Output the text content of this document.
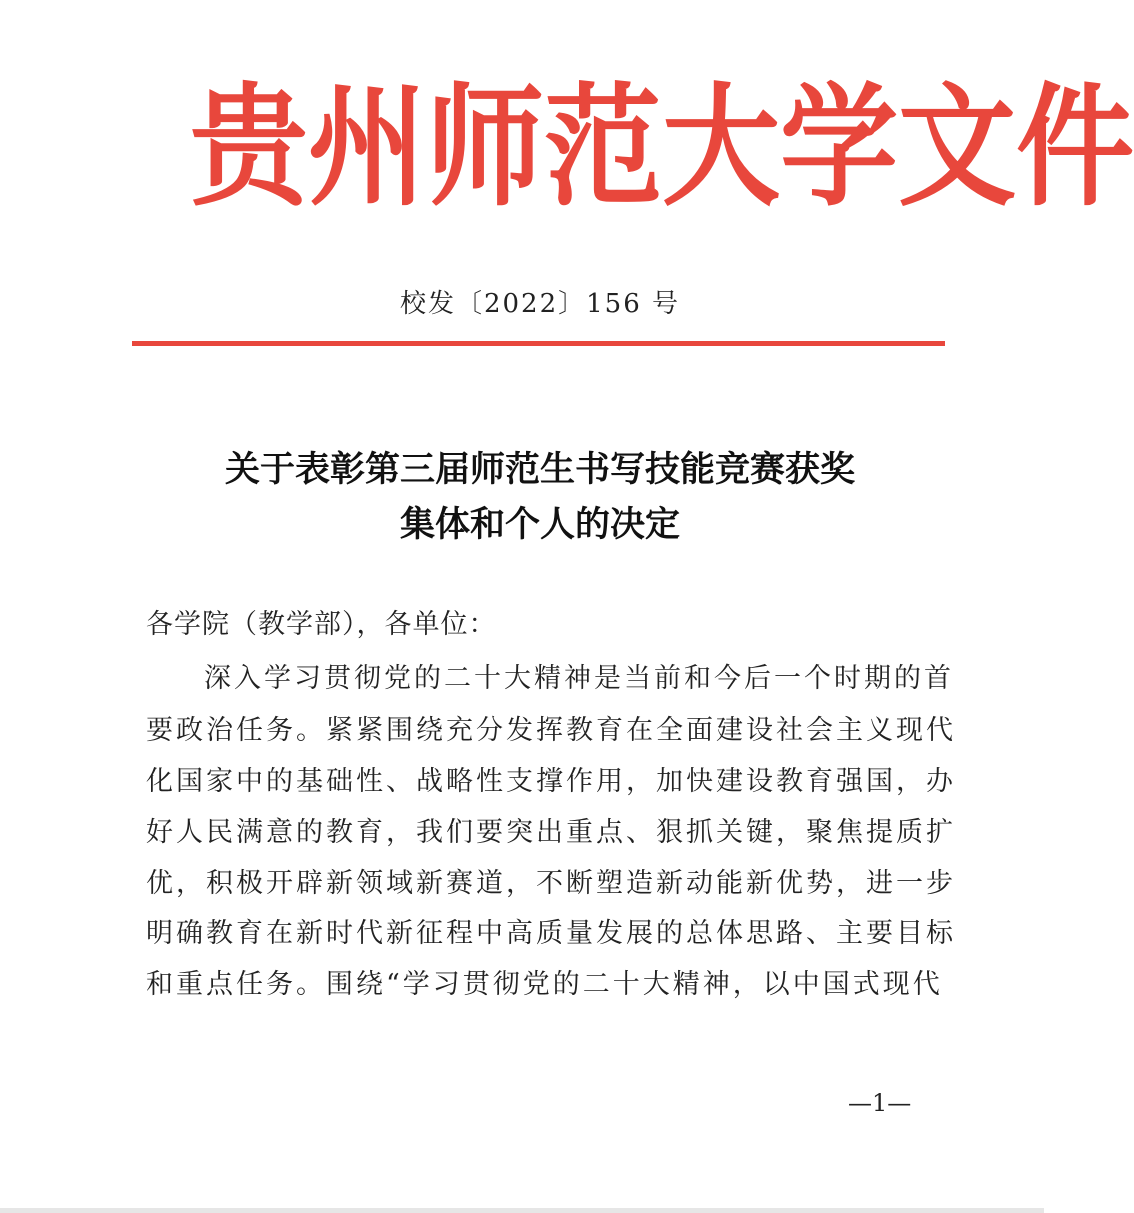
贵 州 师 范 大 学 文 件
校发〔2022〕156 号
关于表彰第三届师范生书写技能竞赛获奖
集体和个人的决定
各学院（教学部），各单位：
深入学习贯彻党的二十大精神是当前和今后一个时期的首
要政治任务。紧紧围绕充分发挥教育在全面建设社会主义现代
化国家中的基础性、战略性支撑作用，加快建设教育强国，办
好人民满意的教育，我们要突出重点、狠抓关键，聚焦提质扩
优，积极开辟新领域新赛道，不断塑造新动能新优势，进一步
明确教育在新时代新征程中高质量发展的总体思路、主要目标
和重点任务。围绕“学习贯彻党的二十大精神，以中国式现代
—1—
